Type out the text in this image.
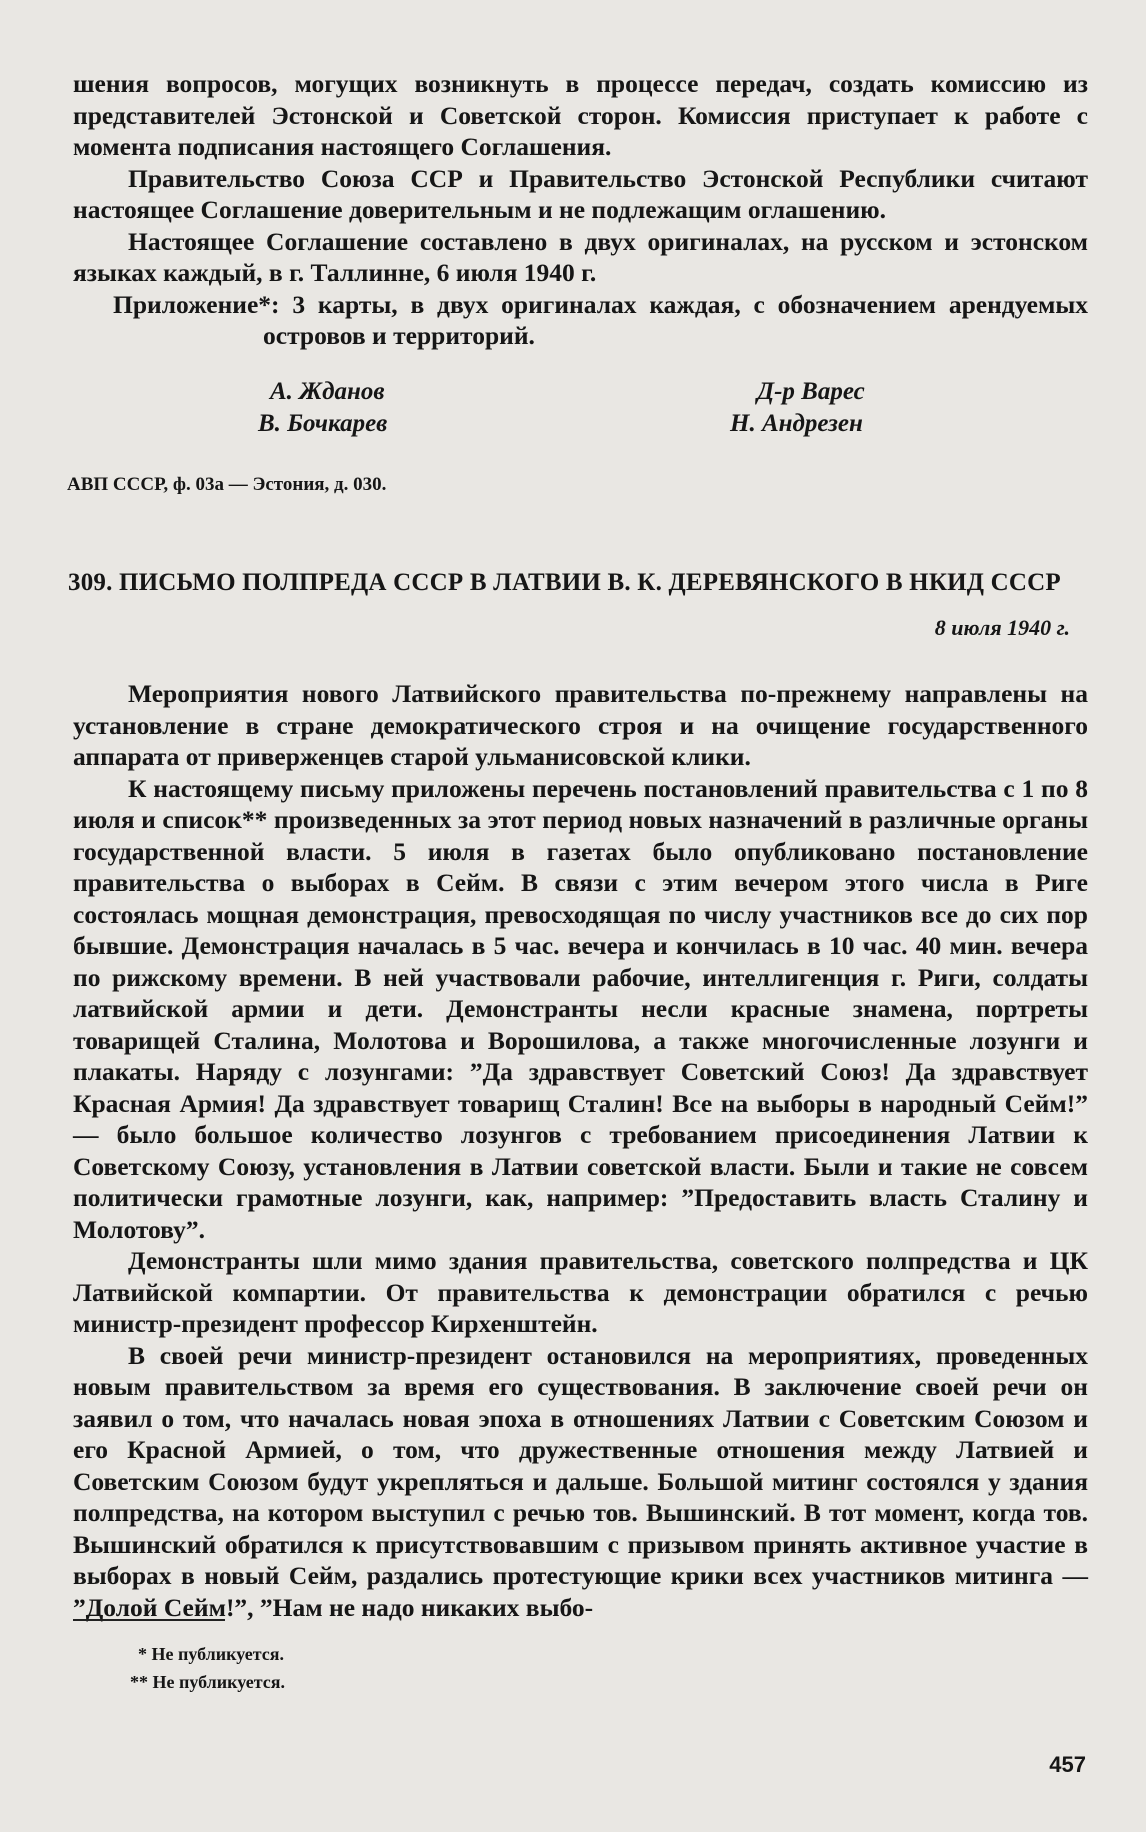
шения вопросов, могущих возникнуть в процессе передач, создать комиссию из представителей Эстонской и Советской сторон. Комиссия приступает к работе с момента подписания настоящего Соглашения.

Правительство Союза ССР и Правительство Эстонской Республики считают настоящее Соглашение доверительным и не подлежащим оглашению.

Настоящее Соглашение составлено в двух оригиналах, на русском и эстонском языках каждый, в г. Таллинне, 6 июля 1940 г.

Приложение*: 3 карты, в двух оригиналах каждая, с обозначением арендуемых островов и территорий.

А. Жданов
В. Бочкарев
Д-р Варес
Н. Андрезен
АВП СССР, ф. 03а — Эстония, д. 030.
309. ПИСЬМО ПОЛПРЕДА СССР В ЛАТВИИ В. К. ДЕРЕВЯНСКОГО В НКИД СССР
8 июля 1940 г.

Мероприятия нового Латвийского правительства по-прежнему направлены на установление в стране демократического строя и на очищение государственного аппарата от приверженцев старой ульманисовской клики.

К настоящему письму приложены перечень постановлений правительства с 1 по 8 июля и список** произведенных за этот период новых назначений в различные органы государственной власти. 5 июля в газетах было опубликовано постановление правительства о выборах в Сейм. В связи с этим вечером этого числа в Риге состоялась мощная демонстрация, превосходящая по числу участников все до сих пор бывшие. Демонстрация началась в 5 час. вечера и кончилась в 10 час. 40 мин. вечера по рижскому времени. В ней участвовали рабочие, интеллигенция г. Риги, солдаты латвийской армии и дети. Демонстранты несли красные знамена, портреты товарищей Сталина, Молотова и Ворошилова, а также многочисленные лозунги и плакаты. Наряду с лозунгами: ”Да здравствует Советский Союз! Да здравствует Красная Армия! Да здравствует товарищ Сталин! Все на выборы в народный Сейм!” — было большое количество лозунгов с требованием присоединения Латвии к Советскому Союзу, установления в Латвии советской власти. Были и такие не совсем политически грамотные лозунги, как, например: ”Предоставить власть Сталину и Молотову”.

Демонстранты шли мимо здания правительства, советского полпредства и ЦК Латвийской компартии. От правительства к демонстрации обратился с речью министр-президент профессор Кирхенштейн.

В своей речи министр-президент остановился на мероприятиях, проведенных новым правительством за время его существования. В заключение своей речи он заявил о том, что началась новая эпоха в отношениях Латвии с Советским Союзом и его Красной Армией, о том, что дружественные отношения между Латвией и Советским Союзом будут укрепляться и дальше. Большой митинг состоялся у здания полпредства, на котором выступил с речью тов. Вышинский. В тот момент, когда тов. Вышинский обратился к присутствовавшим с призывом принять активное участие в выборах в новый Сейм, раздались протестующие крики всех участников митинга — ”Долой Сейм!”, ”Нам не надо никаких выбо-

* Не публикуется.
** Не публикуется.
457
